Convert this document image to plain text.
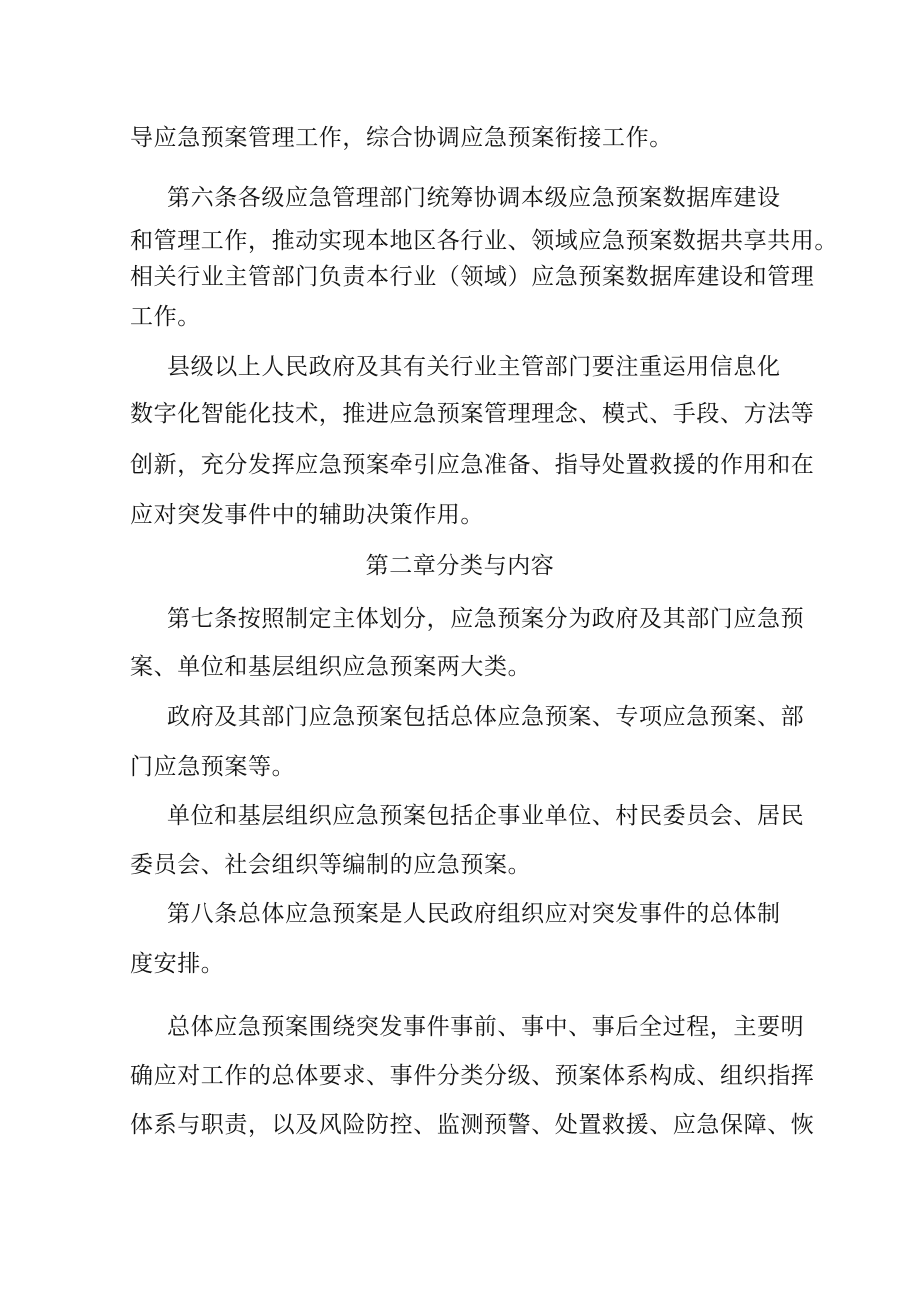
导应急预案管理工作，综合协调应急预案衔接工作。
第六条各级应急管理部门统筹协调本级应急预案数据库建设
和管理工作，推动实现本地区各行业、领域应急预案数据共享共用。
相关行业主管部门负责本行业（领域）应急预案数据库建设和管理
工作。
县级以上人民政府及其有关行业主管部门要注重运用信息化
数字化智能化技术，推进应急预案管理理念、模式、手段、方法等
创新，充分发挥应急预案牵引应急准备、指导处置救援的作用和在
应对突发事件中的辅助决策作用。
第二章分类与内容
第七条按照制定主体划分，应急预案分为政府及其部门应急预
案、单位和基层组织应急预案两大类。
政府及其部门应急预案包括总体应急预案、专项应急预案、部
门应急预案等。
单位和基层组织应急预案包括企事业单位、村民委员会、居民
委员会、社会组织等编制的应急预案。
第八条总体应急预案是人民政府组织应对突发事件的总体制
度安排。
总体应急预案围绕突发事件事前、事中、事后全过程，主要明
确应对工作的总体要求、事件分类分级、预案体系构成、组织指挥
体系与职责，以及风险防控、监测预警、处置救援、应急保障、恢
